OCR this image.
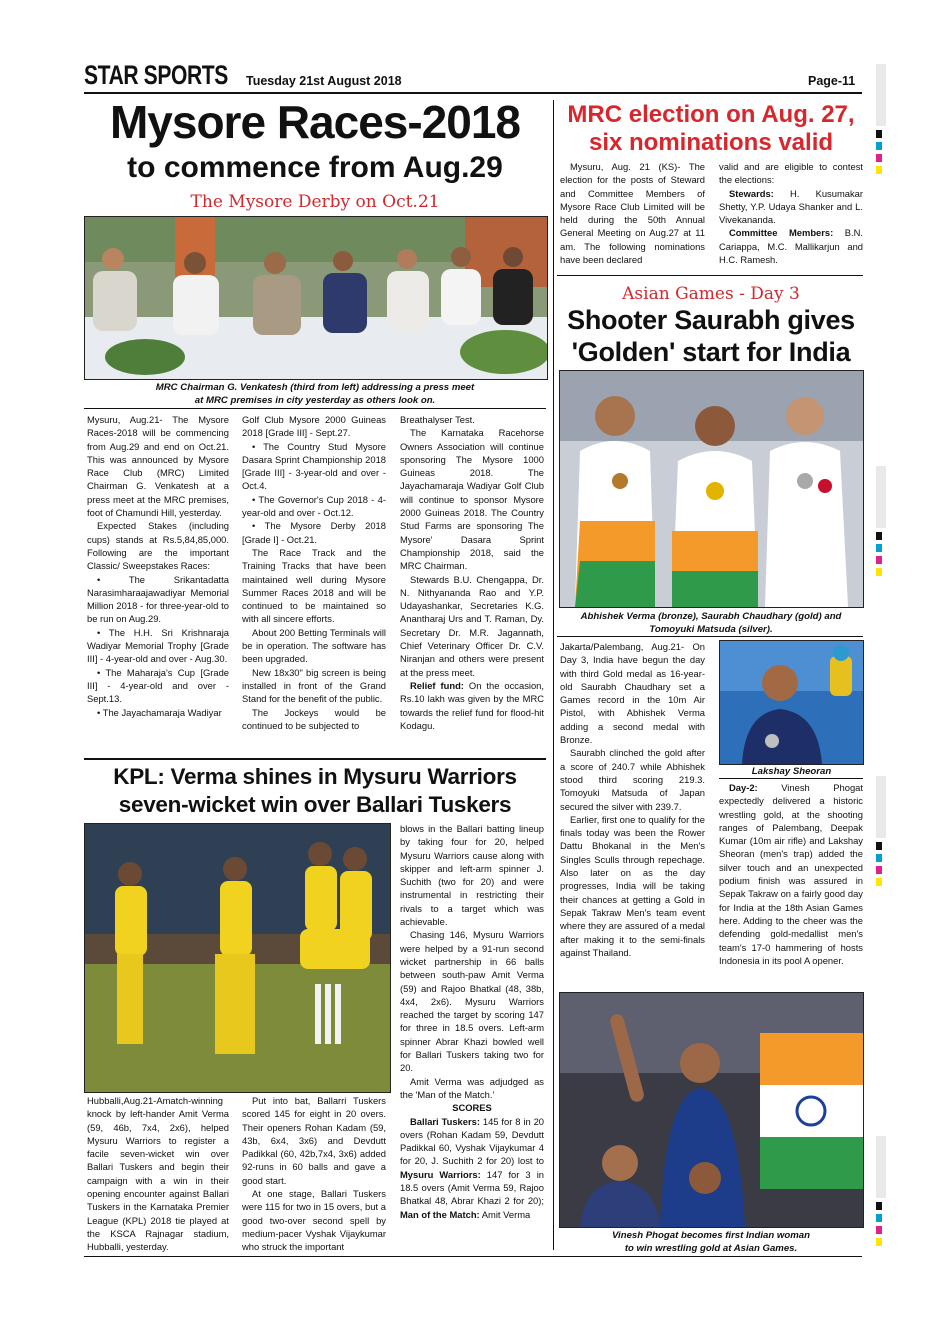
STAR SPORTS Tuesday 21st August 2018	Page-11
Mysore Races-2018
to commence from Aug.29
The Mysore Derby on Oct.21
MRC Chairman G. Venkatesh (third from left) addressing a press meet
at MRC premises in city yesterday as others look on.

Mysuru, Aug.21- The Mysore Races-2018 will be commencing from Aug.29 and end on Oct.21. This was announced by Mysore Race Club (MRC) Limited Chairman G. Venkatesh at a press meet at the MRC premises, foot of Chamundi Hill, yesterday.

Expected Stakes (including cups) stands at Rs.5,84,85,000. Following are the important Classic/ Sweepstakes Races:

• The Srikantadatta Narasimharaajawadiyar Memorial Million 2018 - for three-year-old to be run on Aug.29.

• The H.H. Sri Krishnaraja Wadiyar Memorial Trophy [Grade III] - 4-year-old and over - Aug.30.

• The Maharaja's Cup [Grade III] - 4-year-old and over - Sept.13.

• The Jayachamaraja Wadiyar

Golf Club Mysore 2000 Guineas 2018 [Grade III] - Sept.27.

• The Country Stud Mysore Dasara Sprint Championship 2018 [Grade III] - 3-year-old and over - Oct.4.

• The Governor's Cup 2018 - 4-year-old and over - Oct.12.

• The Mysore Derby 2018 [Grade I] - Oct.21.

The Race Track and the Training Tracks that have been maintained well during Mysore Summer Races 2018 and will be continued to be maintained so with all sincere efforts.

About 200 Betting Terminals will be in operation. The software has been upgraded.

New 18x30" big screen is being installed in front of the Grand Stand for the benefit of the public.

The Jockeys would be continued to be subjected to

Breathalyser Test.

The Karnataka Racehorse Owners Association will continue sponsoring The Mysore 1000 Guineas 2018. The Jayachamaraja Wadiyar Golf Club will continue to sponsor Mysore 2000 Guineas 2018. The Country Stud Farms are sponsoring The Mysore' Dasara Sprint Championship 2018, said the MRC Chairman.

Stewards B.U. Chengappa, Dr. N. Nithyananda Rao and Y.P. Udayashankar, Secretaries K.G. Anantharaj Urs and T. Raman, Dy. Secretary Dr. M.R. Jagannath, Chief Veterinary Officer Dr. C.V. Niranjan and others were present at the press meet.

Relief fund: On the occasion, Rs.10 lakh was given by the MRC towards the relief fund for flood-hit Kodagu.

KPL: Verma shines in Mysuru Warriors
seven-wicket win over Ballari Tuskers

Hubballi,Aug.21-Amatch-winning knock by left-hander Amit Verma (59, 46b, 7x4, 2x6), helped Mysuru Warriors to register a facile seven-wicket win over Ballari Tuskers and begin their campaign with a win in their opening encounter against Ballari Tuskers in the Karnataka Premier League (KPL) 2018 tie played at the KSCA Rajnagar stadium, Hubballi, yesterday.

Put into bat, Ballarri Tuskers scored 145 for eight in 20 overs. Their openers Rohan Kadam (59, 43b, 6x4, 3x6) and Devdutt Padikkal (60, 42b,7x4, 3x6) added 92-runs in 60 balls and gave a good start.

At one stage, Ballari Tuskers were 115 for two in 15 overs, but a good two-over second spell by medium-pacer Vyshak Vijaykumar who struck the important

blows in the Ballari batting lineup by taking four for 20, helped Mysuru Warriors cause along with skipper and left-arm spinner J. Suchith (two for 20) and were instrumental in restricting their rivals to a target which was achievable.

Chasing 146, Mysuru Warriors were helped by a 91-run second wicket partnership in 66 balls between south-paw Amit Verma (59) and Rajoo Bhatkal (48, 38b, 4x4, 2x6). Mysuru Warriors reached the target by scoring 147 for three in 18.5 overs. Left-arm spinner Abrar Khazi bowled well for Ballari Tuskers taking two for 20.

Amit Verma was adjudged as the 'Man of the Match.'

SCORES

Ballari Tuskers: 145 for 8 in 20 overs (Rohan Kadam 59, Devdutt Padikkal 60, Vyshak Vijaykumar 4 for 20, J. Suchith 2 for 20) lost to Mysuru Warriors: 147 for 3 in 18.5 overs (Amit Verma 59, Rajoo Bhatkal 48, Abrar Khazi 2 for 20); Man of the Match: Amit Verma

MRC election on Aug. 27,
six nominations valid

Mysuru, Aug. 21 (KS)- The election for the posts of Steward and Committee Members of Mysore Race Club Limited will be held during the 50th Annual General Meeting on Aug.27 at 11 am. The following nominations have been declared

valid and are eligible to contest the elections:

Stewards: H. Kusumakar Shetty, Y.P. Udaya Shanker and L. Vivekananda.

Committee Members: B.N. Cariappa, M.C. Mallikarjun and H.C. Ramesh.

Asian Games - Day 3
Shooter Saurabh gives
'Golden' start for India
Abhishek Verma (bronze), Saurabh Chaudhary (gold) and
Tomoyuki Matsuda (silver).

Jakarta/Palembang, Aug.21- On Day 3, India have begun the day with third Gold medal as 16-year-old Saurabh Chaudhary set a Games record in the 10m Air Pistol, with Abhishek Verma adding a second medal with Bronze.

Saurabh clinched the gold after a score of 240.7 while Abhishek stood third scoring 219.3. Tomoyuki Matsuda of Japan secured the silver with 239.7.

Earlier, first one to qualify for the finals today was been the Rower Dattu Bhokanal in the Men's Singles Sculls through repechage. Also later on as the day progresses, India will be taking their chances at getting a Gold in Sepak Takraw Men's team event where they are assured of a medal after making it to the semi-finals against Thailand.

Lakshay Sheoran

Day-2: Vinesh Phogat expectedly delivered a historic wrestling gold, at the shooting ranges of Palembang, Deepak Kumar (10m air rifle) and Lakshay Sheoran (men's trap) added the silver touch and an unexpected podium finish was assured in Sepak Takraw on a fairly good day for India at the 18th Asian Games here. Adding to the cheer was the defending gold-medallist men's team's 17-0 hammering of hosts Indonesia in its pool A opener.

Vinesh Phogat becomes first Indian woman
to win wrestling gold at Asian Games.
